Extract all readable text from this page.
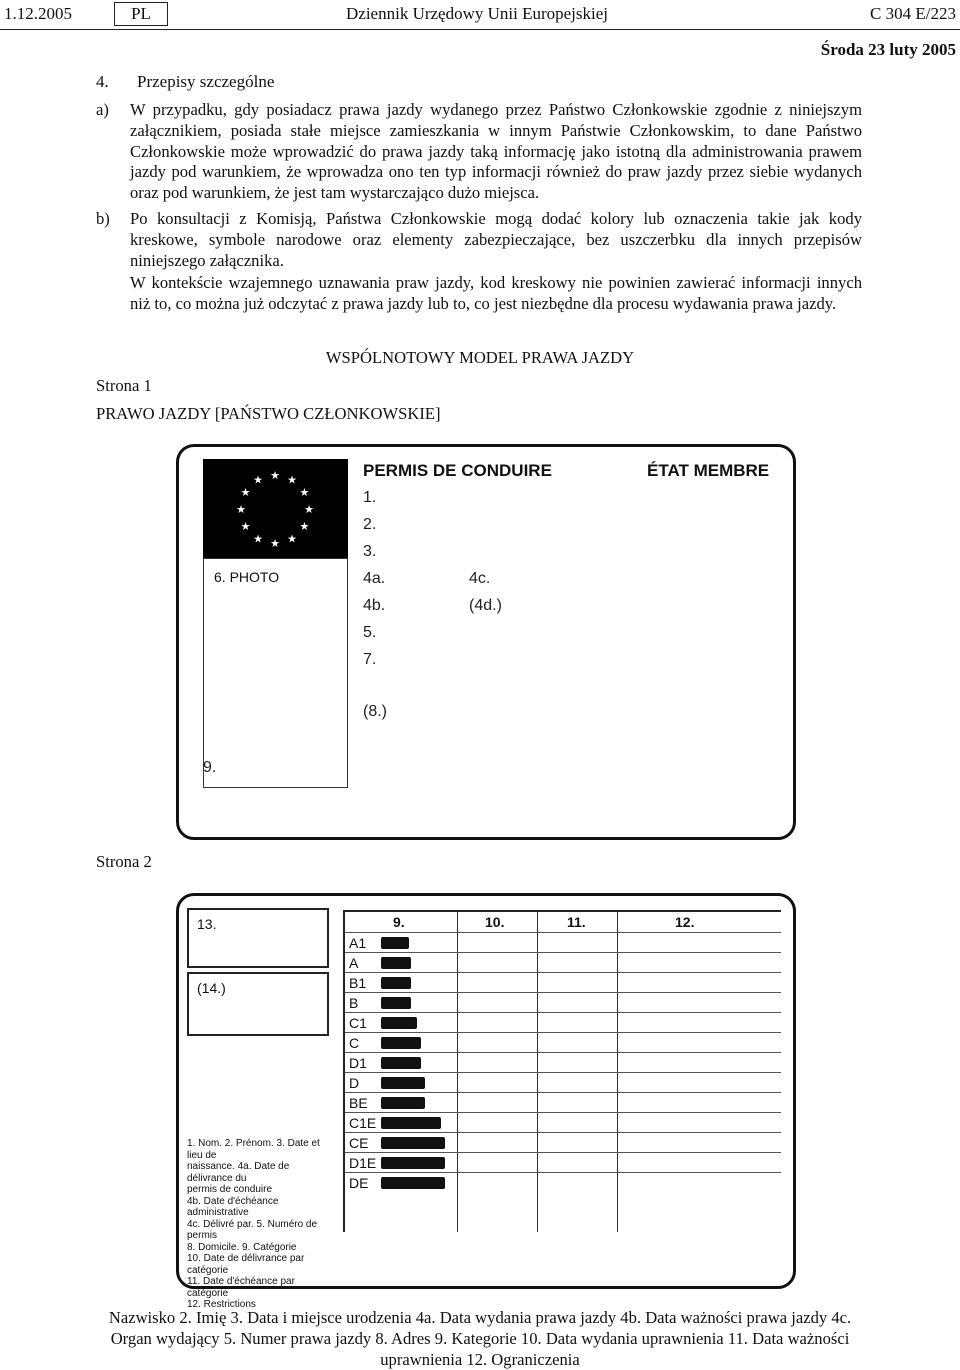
1.12.2005	PL	Dziennik Urzędowy Unii Europejskiej	C 304 E/223
Środa 23 luty 2005
4. Przepisy szczególne
a) W przypadku, gdy posiadacz prawa jazdy wydanego przez Państwo Członkowskie zgodnie z niniejszym załącznikiem, posiada stałe miejsce zamieszkania w innym Państwie Członkowskim, to dane Państwo Członkowskie może wprowadzić do prawa jazdy taką informację jako istotną dla administrowania prawem jazdy pod warunkiem, że wprowadza ono ten typ informacji również do praw jazdy przez siebie wydanych oraz pod warunkiem, że jest tam wystarczająco dużo miejsca.
b) Po konsultacji z Komisją, Państwa Członkowskie mogą dodać kolory lub oznaczenia takie jak kody kreskowe, symbole narodowe oraz elementy zabezpieczające, bez uszczerbku dla innych przepisów niniejszego załącznika.
W kontekście wzajemnego uznawania praw jazdy, kod kreskowy nie powinien zawierać informacji innych niż to, co można już odczytać z prawa jazdy lub to, co jest niezbędne dla procesu wydawania prawa jazdy.
WSPÓLNOTOWY MODEL PRAWA JAZDY
Strona 1
PRAWO JAZDY [PAŃSTWO CZŁONKOWSKIE]
★ ★
★
★
★
★
★
★
★
★
★
★
6. PHOTO
PERMIS DE CONDUIRE	ÉTAT MEMBRE
1.
2.
3.
4a.	4c.
4b.	(4d.)
5.
7.
(8.)
9.
Strona 2
13.
(14.)
1. Nom. 2. Prénom. 3. Date et lieu de
naissance. 4a. Date de délivrance du
permis de conduire
4b. Date d'échéance administrative
4c. Délivré par. 5. Numéro de permis
8. Domicile. 9. Catégorie
10. Date de délivrance par catégorie
11. Date d'échéance par catégorie
12. Restrictions
9.	10.	11.	12.
A1
A
B1
B
C1
C
D1
D
BE
C1E
CE
D1E
DE
Nazwisko 2. Imię 3. Data i miejsce urodzenia 4a. Data wydania prawa jazdy 4b. Data ważności prawa jazdy 4c. Organ wydający 5. Numer prawa jazdy 8. Adres 9. Kategorie 10. Data wydania uprawnienia 11. Data ważności uprawnienia 12. Ograniczenia
